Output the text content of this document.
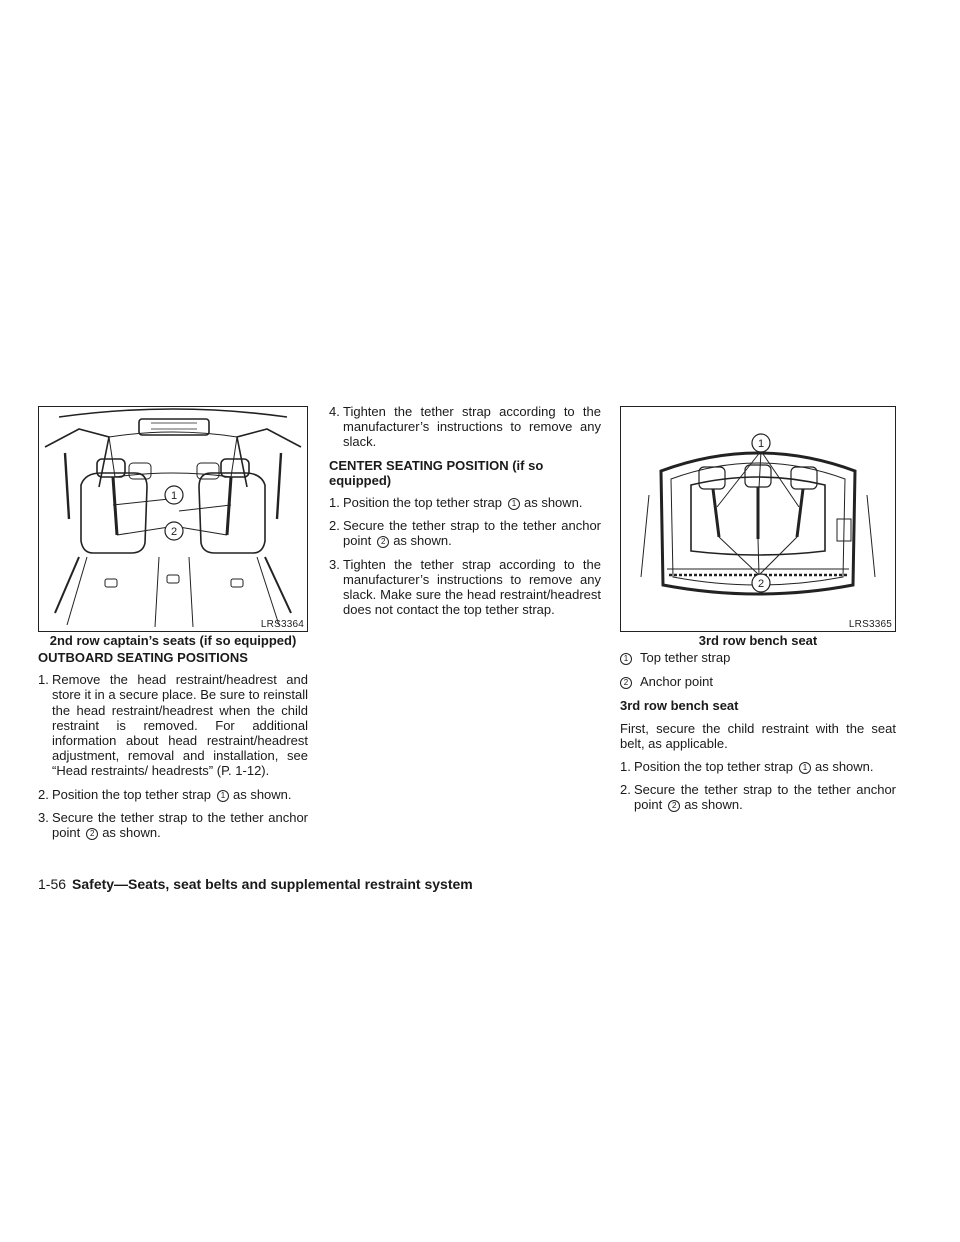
1
2
LRS3364
2nd row captain’s seats (if so equipped)
1
2
LRS3365
3rd row bench seat
OUTBOARD SEATING POSITIONS
1. Remove the head restraint/headrest and store it in a secure place. Be sure to reinstall the head restraint/headrest when the child restraint is removed. For additional information about head restraint/headrest adjustment, removal and installation, see “Head restraints/ headrests” (P. 1-12).
2. Position the top tether strap 1 as shown.
3. Secure the tether strap to the tether anchor point 2 as shown.
4. Tighten the tether strap according to the manufacturer’s instructions to remove any slack.
CENTER SEATING POSITION (if so equipped)
1. Position the top tether strap 1 as shown.
2. Secure the tether strap to the tether anchor point 2 as shown.
3. Tighten the tether strap according to the manufacturer’s instructions to remove any slack. Make sure the head restraint/headrest does not contact the top tether strap.
1 Top tether strap
2 Anchor point
3rd row bench seat
First, secure the child restraint with the seat belt, as applicable.
1. Position the top tether strap 1 as shown.
2. Secure the tether strap to the tether anchor point 2 as shown.
1-56 Safety—Seats, seat belts and supplemental restraint system
